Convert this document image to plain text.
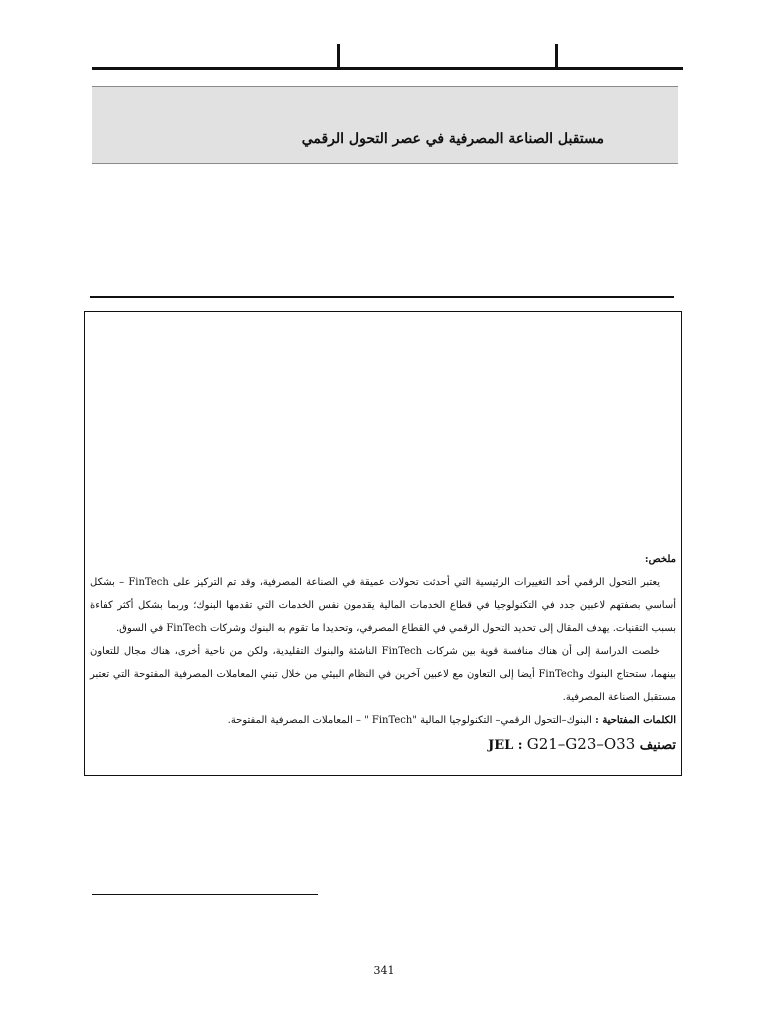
مستقبل الصناعة المصرفية في عصر التحول الرقمي

ملخص:

يعتبر التحول الرقمي أحد التغييرات الرئيسية التي أحدثت تحولات عميقة في الصناعة المصرفية، وقد تم التركيز على FinTech – بشكل أساسي بصفتهم لاعبين جدد في التكنولوجيا في قطاع الخدمات المالية يقدمون نفس الخدمات التي تقدمها البنوك؛ وربما بشكل أكثر كفاءة بسبب التقنيات. يهدف المقال إلى تحديد التحول الرقمي في القطاع المصرفي، وتحديدا ما تقوم به البنوك وشركات FinTech في السوق.

خلصت الدراسة إلى أن هناك منافسة قوية بين شركات FinTech الناشئة والبنوك التقليدية، ولكن من ناحية أخرى، هناك مجال للتعاون بينهما، ستحتاج البنوك وFinTech أيضا إلى التعاون مع لاعبين آخرين في النظام البيئي من خلال تبني المعاملات المصرفية المفتوحة التي تعتبر مستقبل الصناعة المصرفية.

الكلمات المفتاحية : البنوك–التحول الرقمي– التكنولوجيا المالية "FinTech " – المعاملات المصرفية المفتوحة.

تصنيف JEL : G21–G23–O33

341
